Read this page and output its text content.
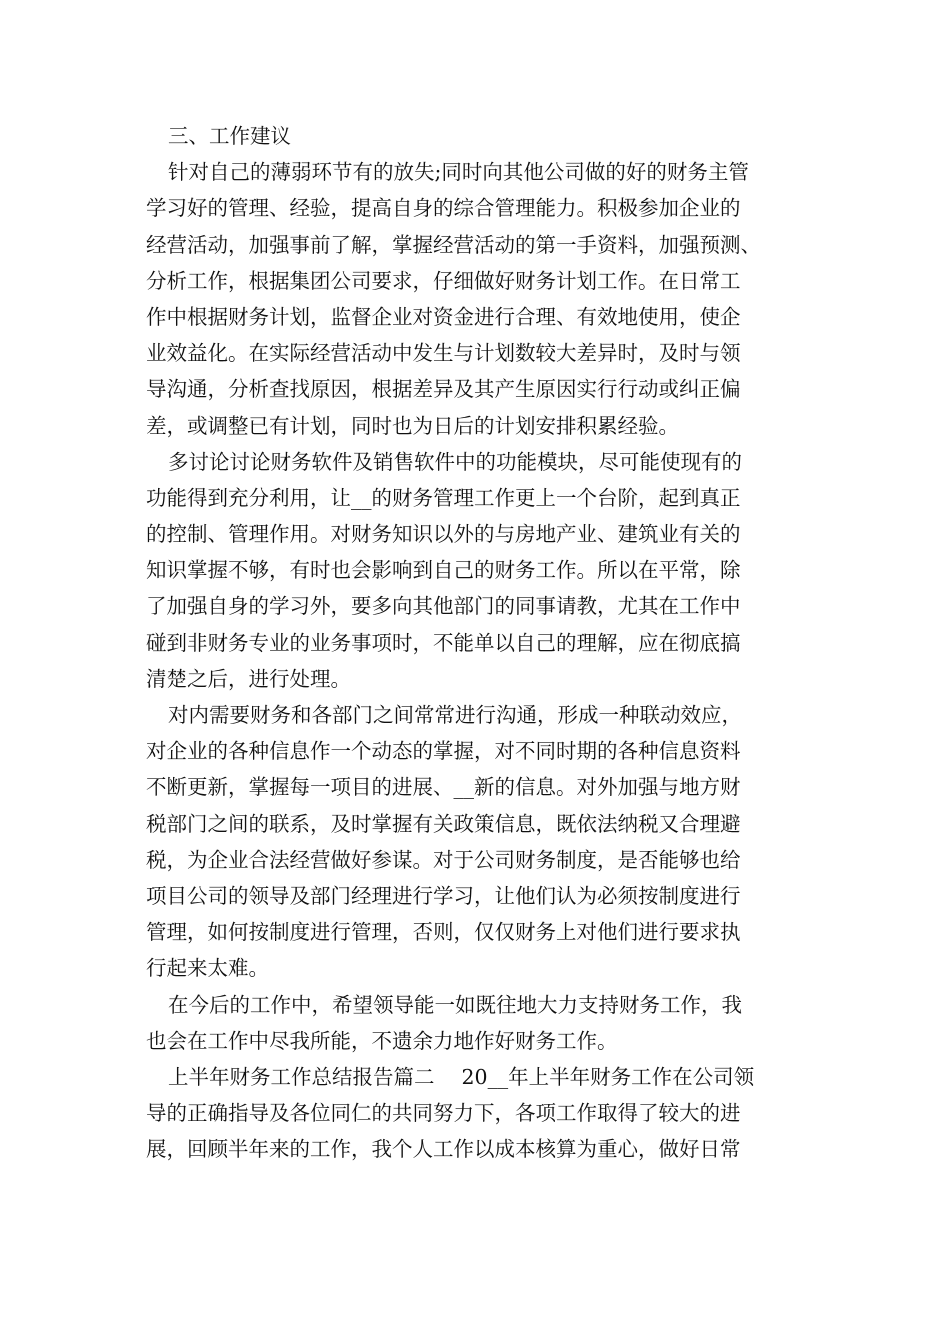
三、工作建议
针对自己的薄弱环节有的放失;同时向其他公司做的好的财务主管
学习好的管理、经验，提高自身的综合管理能力。积极参加企业的
经营活动，加强事前了解，掌握经营活动的第一手资料，加强预测、
分析工作，根据集团公司要求，仔细做好财务计划工作。在日常工
作中根据财务计划，监督企业对资金进行合理、有效地使用，使企
业效益化。在实际经营活动中发生与计划数较大差异时，及时与领
导沟通，分析查找原因，根据差异及其产生原因实行行动或纠正偏
差，或调整已有计划，同时也为日后的计划安排积累经验。
多讨论讨论财务软件及销售软件中的功能模块，尽可能使现有的
功能得到充分利用，让__的财务管理工作更上一个台阶，起到真正
的控制、管理作用。对财务知识以外的与房地产业、建筑业有关的
知识掌握不够，有时也会影响到自己的财务工作。所以在平常，除
了加强自身的学习外，要多向其他部门的同事请教，尤其在工作中
碰到非财务专业的业务事项时，不能单以自己的理解，应在彻底搞
清楚之后，进行处理。
对内需要财务和各部门之间常常进行沟通，形成一种联动效应，
对企业的各种信息作一个动态的掌握，对不同时期的各种信息资料
不断更新，掌握每一项目的进展、__新的信息。对外加强与地方财
税部门之间的联系，及时掌握有关政策信息，既依法纳税又合理避
税，为企业合法经营做好参谋。对于公司财务制度，是否能够也给
项目公司的领导及部门经理进行学习，让他们认为必须按制度进行
管理，如何按制度进行管理，否则，仅仅财务上对他们进行要求执
行起来太难。
在今后的工作中，希望领导能一如既往地大力支持财务工作，我
也会在工作中尽我所能，不遗余力地作好财务工作。
上半年财务工作总结报告篇二　 20__年上半年财务工作在公司领
导的正确指导及各位同仁的共同努力下，各项工作取得了较大的进
展，回顾半年来的工作，我个人工作以成本核算为重心，做好日常
